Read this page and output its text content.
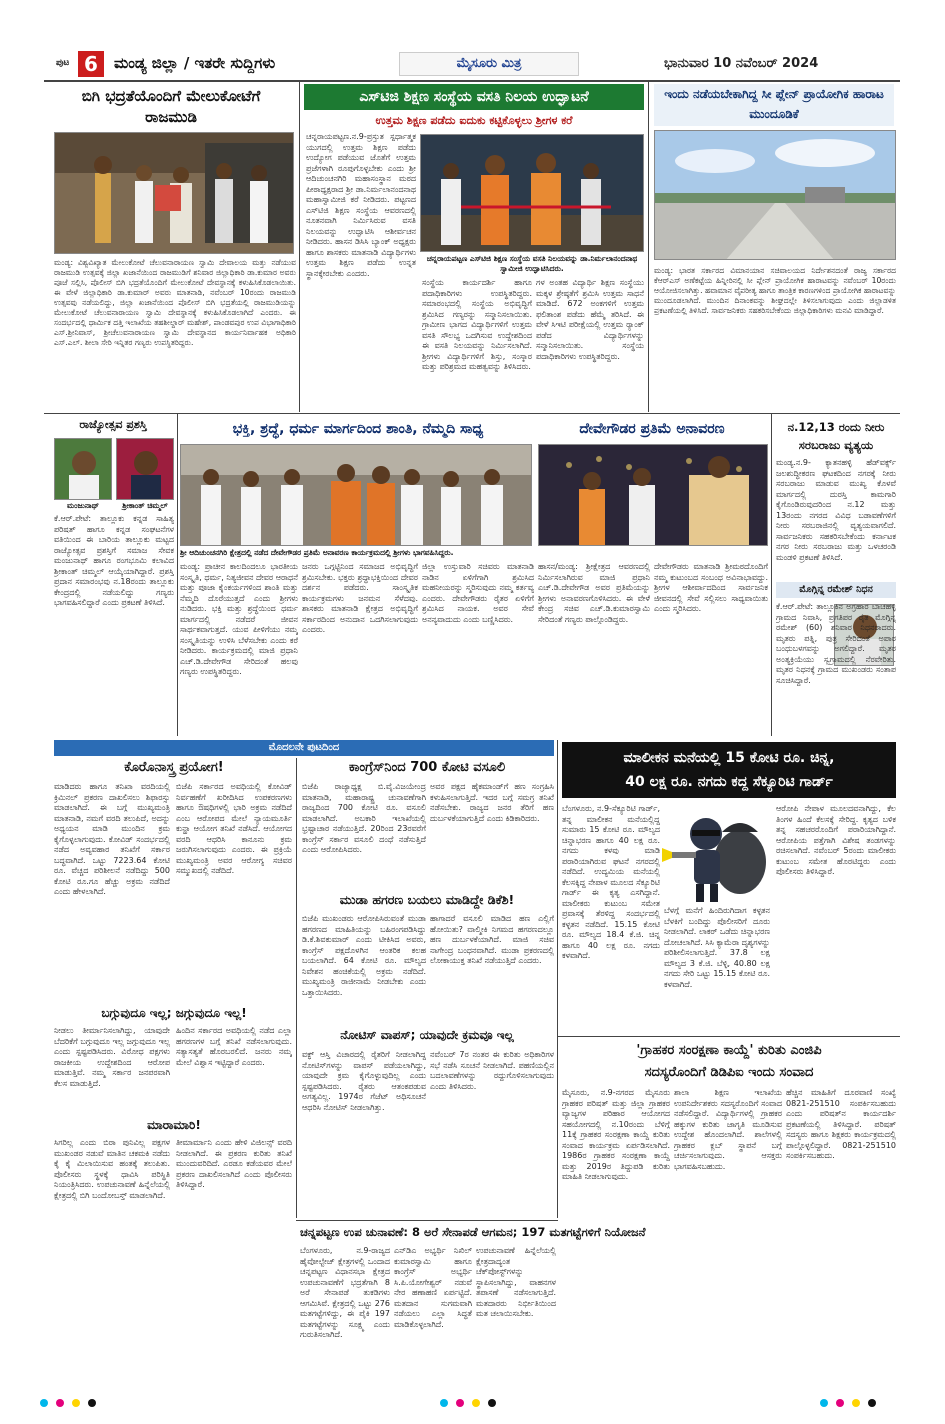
ಪುಟ 6	ಮಂಡ್ಯ ಜಿಲ್ಲಾ / ಇತರೇ ಸುದ್ದಿಗಳು	ಮೈಸೂರು ಮಿತ್ರ	ಭಾನುವಾರ 10 ನವೆಂಬರ್ 2024
ಬಿಗಿ ಭದ್ರತೆಯೊಂದಿಗೆ ಮೇಲುಕೋಟೆಗೆ ರಾಜಮುಡಿ
ಮಂಡ್ಯ: ವಿಶ್ವವಿಖ್ಯಾತ ಮೇಲುಕೋಟೆ ಚೆಲುವನಾರಾಯಣ ಸ್ವಾಮಿ ದೇವಾಲಯ ಮತ್ತು ನಡೆಯುವ ರಾಜಮುಡಿ ಉತ್ಸವಕ್ಕೆ ಜಿಲ್ಲಾ ಖಜಾನೆಯಿಂದ ರಾಜಮುಡಿಗೆ ಶನಿವಾರ ಜಿಲ್ಲಾಧಿಕಾರಿ ಡಾ.ಕುಮಾರ ಅವರು ಪೂಜೆ ಸಲ್ಲಿಸಿ, ಪೊಲೀಸ್ ಬಿಗಿ ಭದ್ರತೆಯೊಂದಿಗೆ ಮೇಲುಕೋಟೆ ದೇವಸ್ಥಾನಕ್ಕೆ ಕಳುಹಿಸಿಕೊಡಲಾಯಿತು. ಈ ವೇಳೆ ಜಿಲ್ಲಾಧಿಕಾರಿ ಡಾ.ಕುಮಾರ್ ಅವರು ಮಾತನಾಡಿ, ನವೆಂಬರ್ 10ರಂದು ರಾಜಮುಡಿ ಉತ್ಸವವು ನಡೆಯಲಿದ್ದು, ಜಿಲ್ಲಾ ಖಜಾನೆಯಿಂದ ಪೊಲೀಸ್ ಬಿಗಿ ಭದ್ರತೆಯಲ್ಲಿ ರಾಜಮುಡಿಯನ್ನು ಮೇಲುಕೋಟೆ ಚೆಲುವನಾರಾಯಣ ಸ್ವಾಮಿ ದೇವಸ್ಥಾನಕ್ಕೆ ಕಳುಹಿಸಿಕೊಡಲಾಗಿದೆ ಎಂದರು. ಈ ಸಂದರ್ಭದಲ್ಲಿ ಧಾರ್ಮಿಕ ದತ್ತಿ ಇಲಾಖೆಯ ತಹಶೀಲ್ದಾರ್ ಮಹೇಶ್, ಪಾಂಡವಪುರ ಉಪ ವಿಭಾಗಾಧಿಕಾರಿ ಎಸ್.ಶ್ರೀನಿವಾಸ್, ಶ್ರೀಚೆಲುವನಾರಾಯಣ ಸ್ವಾಮಿ ದೇವಸ್ಥಾನದ ಕಾರ್ಯನಿರ್ವಾಹಕ ಅಧಿಕಾರಿ ಎಸ್.ಎಲ್. ಶೀಲಾ ಸೇರಿ ಇನ್ನಿತರ ಗಣ್ಯರು ಉಪಸ್ಥಿತರಿದ್ದರು.
ಎಸ್‌ಟಿಜಿ ಶಿಕ್ಷಣ ಸಂಸ್ಥೆಯ ವಸತಿ ನಿಲಯ ಉದ್ಘಾಟನೆ
ಉತ್ತಮ ಶಿಕ್ಷಣ ಪಡೆದು ಐದುಕು ಕಟ್ಟಿಕೊಳ್ಳಲು ಶ್ರೀಗಳ ಕರೆ
ಚನ್ನರಾಯಪಟ್ಟಣ.ನ.9-ಪ್ರಸ್ತುತ ಸ್ಪರ್ಧಾತ್ಮಕ ಯುಗದಲ್ಲಿ ಉತ್ತಮ ಶಿಕ್ಷಣ ಪಡೆದು ಉದ್ಯೋಗ ಪಡೆಯುವ ಜೊತೆಗೆ ಉತ್ತಮ ಪ್ರಜೆಗಳಾಗಿ ರೂಪುಗೊಳ್ಳಬೇಕು ಎಂದು ಶ್ರೀ ಆದಿಚುಂಚನಗಿರಿ ಮಹಾಸಂಸ್ಥಾನ ಮಠದ ಪೀಠಾಧ್ಯಕ್ಷರಾದ ಶ್ರೀ ಡಾ.ನಿರ್ಮಲಾನಂದನಾಥ ಮಹಾಸ್ವಾಮೀಜಿ ಕರೆ ನೀಡಿದರು. ಪಟ್ಟಣದ ಎಸ್‌ಟಿಜಿ ಶಿಕ್ಷಣ ಸಂಸ್ಥೆಯ ಆವರಣದಲ್ಲಿ ನೂತನವಾಗಿ ನಿರ್ಮಿಸಿರುವ ವಸತಿ ನಿಲಯವನ್ನು ಉದ್ಘಾಟಿಸಿ ಆಶೀರ್ವಚನ ನೀಡಿದರು. ಹಾಸನ ಡಿಸಿಸಿ ಬ್ಯಾಂಕ್ ಅಧ್ಯಕ್ಷರು ಹಾಗೂ ಶಾಸಕರು ಮಾತನಾಡಿ ವಿದ್ಯಾರ್ಥಿಗಳು ಉತ್ತಮ ಶಿಕ್ಷಣ ಪಡೆದು ಉನ್ನತ ಸ್ಥಾನಕ್ಕೇರಬೇಕು ಎಂದರು.
ಚನ್ನರಾಯಪಟ್ಟಣ ಎಸ್‌ಟಿಜಿ ಶಿಕ್ಷಣ ಸಂಸ್ಥೆಯ ವಸತಿ ನಿಲಯವನ್ನು ಡಾ.ನಿರ್ಮಲಾನಂದನಾಥ ಸ್ವಾಮೀಜಿ ಉದ್ಘಾಟಿಸಿದರು.
ಸಂಸ್ಥೆಯ ಕಾರ್ಯದರ್ಶಿ ಹಾಗೂ ಪದಾಧಿಕಾರಿಗಳು ಉಪಸ್ಥಿತರಿದ್ದರು. ಸಮಾರಂಭದಲ್ಲಿ ಸಂಸ್ಥೆಯ ಅಭಿವೃದ್ಧಿಗೆ ಶ್ರಮಿಸಿದ ಗಣ್ಯರನ್ನು ಸನ್ಮಾನಿಸಲಾಯಿತು. ಗ್ರಾಮೀಣ ಭಾಗದ ವಿದ್ಯಾರ್ಥಿಗಳಿಗೆ ಉತ್ತಮ ವಸತಿ ಸೌಲಭ್ಯ ಒದಗಿಸುವ ಉದ್ದೇಶದಿಂದ ಈ ವಸತಿ ನಿಲಯವನ್ನು ನಿರ್ಮಿಸಲಾಗಿದೆ. ಶ್ರೀಗಳು ವಿದ್ಯಾರ್ಥಿಗಳಿಗೆ ಶಿಸ್ತು, ಸಂಸ್ಕಾರ ಮತ್ತು ಪರಿಶ್ರಮದ ಮಹತ್ವವನ್ನು ತಿಳಿಸಿದರು.
ಗಳ ಅಂತಹ ವಿದ್ಯಾರ್ಥಿ ಶಿಕ್ಷಣ ಸಂಸ್ಥೆಯು ಮಕ್ಕಳ ಶ್ರೇಷ್ಠತೆಗೆ ಶ್ರಮಿಸಿ ಉತ್ತಮ ಸಾಧನೆ ಮಾಡಿದೆ. 672 ಅಂಕಗಳಿಗೆ ಉತ್ತಮ ಫಲಿತಾಂಶ ಪಡೆದು ಹೆಮ್ಮೆ ತರಿಸಿದೆ. ಈ ವೇಳೆ ಸಿಇಟಿ ಪರೀಕ್ಷೆಯಲ್ಲಿ ಉತ್ತಮ ರ‍್ಯಾಂಕ್ ಪಡೆದ ವಿದ್ಯಾರ್ಥಿಗಳನ್ನು ಸನ್ಮಾನಿಸಲಾಯಿತು. ಸಂಸ್ಥೆಯ ಪದಾಧಿಕಾರಿಗಳು ಉಪಸ್ಥಿತರಿದ್ದರು.
ಇಂದು ನಡೆಯಬೇಕಾಗಿದ್ದ ಸೀ ಪ್ಲೇನ್ ಪ್ರಾಯೋಗಿಕ ಹಾರಾಟ ಮುಂದೂಡಿಕೆ
ಮಂಡ್ಯ: ಭಾರತ ಸರ್ಕಾರದ ವಿಮಾನಯಾನ ಸಚಿವಾಲಯದ ನಿರ್ದೇಶನದಂತೆ ರಾಜ್ಯ ಸರ್ಕಾರದ ಕೆಆರ್‌ಎಸ್ ಅಣೆಕಟ್ಟೆಯ ಹಿನ್ನೀರಿನಲ್ಲಿ ಸೀ ಪ್ಲೇನ್ ಪ್ರಾಯೋಗಿಕ ಹಾರಾಟವನ್ನು ನವೆಂಬರ್ 10ರಂದು ಆಯೋಜಿಸಲಾಗಿತ್ತು. ಹವಾಮಾನ ವೈಪರೀತ್ಯ ಹಾಗೂ ತಾಂತ್ರಿಕ ಕಾರಣಗಳಿಂದ ಪ್ರಾಯೋಗಿಕ ಹಾರಾಟವನ್ನು ಮುಂದೂಡಲಾಗಿದೆ. ಮುಂದಿನ ದಿನಾಂಕವನ್ನು ಶೀಘ್ರದಲ್ಲೇ ತಿಳಿಸಲಾಗುವುದು ಎಂದು ಜಿಲ್ಲಾಡಳಿತ ಪ್ರಕಟಣೆಯಲ್ಲಿ ತಿಳಿಸಿದೆ. ಸಾರ್ವಜನಿಕರು ಸಹಕರಿಸಬೇಕೆಂದು ಜಿಲ್ಲಾಧಿಕಾರಿಗಳು ಮನವಿ ಮಾಡಿದ್ದಾರೆ.
ರಾಜ್ಯೋತ್ಸವ ಪ್ರಶಸ್ತಿ
ಮಂಜುನಾಥ್	ಶ್ರೀಕಾಂತ್ ಚಿಮ್ಮಲ್
ಕೆ.ಆರ್.ಪೇಟೆ: ತಾಲ್ಲೂಕು ಕನ್ನಡ ಸಾಹಿತ್ಯ ಪರಿಷತ್ ಹಾಗೂ ಕನ್ನಡ ಸಂಘಟನೆಗಳ ವತಿಯಿಂದ ಈ ಬಾರಿಯ ತಾಲ್ಲೂಕು ಮಟ್ಟದ ರಾಜ್ಯೋತ್ಸವ ಪ್ರಶಸ್ತಿಗೆ ಸಮಾಜ ಸೇವಕ ಮಂಜುನಾಥ್ ಹಾಗೂ ರಂಗಭೂಮಿ ಕಲಾವಿದ ಶ್ರೀಕಾಂತ್ ಚಿಮ್ಮಲ್ ಆಯ್ಕೆಯಾಗಿದ್ದಾರೆ. ಪ್ರಶಸ್ತಿ ಪ್ರದಾನ ಸಮಾರಂಭವು ನ.18ರಂದು ತಾಲ್ಲೂಕು ಕೇಂದ್ರದಲ್ಲಿ ನಡೆಯಲಿದ್ದು ಗಣ್ಯರು ಭಾಗವಹಿಸಲಿದ್ದಾರೆ ಎಂದು ಪ್ರಕಟಣೆ ತಿಳಿಸಿದೆ.
ಭಕ್ತಿ, ಶ್ರದ್ಧೆ, ಧರ್ಮ ಮಾರ್ಗದಿಂದ ಶಾಂತಿ, ನೆಮ್ಮದಿ ಸಾಧ್ಯ	ದೇವೇಗೌಡರ ಪ್ರತಿಮೆ ಅನಾವರಣ
ಶ್ರೀ ಆದಿಚುಂಚನಗಿರಿ ಕ್ಷೇತ್ರದಲ್ಲಿ ನಡೆದ ದೇವೇಗೌಡರ ಪ್ರತಿಮೆ ಅನಾವರಣ ಕಾರ್ಯಕ್ರಮದಲ್ಲಿ ಶ್ರೀಗಳು ಭಾಗವಹಿಸಿದ್ದರು.
ಮಂಡ್ಯ: ಪ್ರಾಚೀನ ಕಾಲದಿಂದಲೂ ಭಾರತೀಯ ಸಂಸ್ಕೃತಿ, ಧರ್ಮ, ನಿತ್ಯಜೀವನ ದೇವರ ಆರಾಧನೆ ಮತ್ತು ಪೂಜಾ ಕೈಂಕರ್ಯಗಳಿಂದ ಶಾಂತಿ ಮತ್ತು ನೆಮ್ಮದಿ ದೊರೆಯುತ್ತದೆ ಎಂದು ಶ್ರೀಗಳು ನುಡಿದರು. ಭಕ್ತಿ ಮತ್ತು ಶ್ರದ್ಧೆಯಿಂದ ಧರ್ಮ ಮಾರ್ಗದಲ್ಲಿ ನಡೆದರೆ ಜೀವನ ಸಾರ್ಥಕವಾಗುತ್ತದೆ. ಯುವ ಪೀಳಿಗೆಯು ನಮ್ಮ ಸಂಸ್ಕೃತಿಯನ್ನು ಉಳಿಸಿ ಬೆಳೆಸಬೇಕು ಎಂದು ಕರೆ ನೀಡಿದರು. ಕಾರ್ಯಕ್ರಮದಲ್ಲಿ ಮಾಜಿ ಪ್ರಧಾನಿ ಎಚ್.ಡಿ.ದೇವೇಗೌಡ ಸೇರಿದಂತೆ ಹಲವು ಗಣ್ಯರು ಉಪಸ್ಥಿತರಿದ್ದರು.
ಜನರು ಒಗ್ಗಟ್ಟಿನಿಂದ ಸಮಾಜದ ಅಭಿವೃದ್ಧಿಗೆ ಶ್ರಮಿಸಬೇಕು. ಭಕ್ತರು ಶ್ರದ್ಧಾಭಕ್ತಿಯಿಂದ ದೇವರ ದರ್ಶನ ಪಡೆದರು. ಸಾಂಸ್ಕೃತಿಕ ಕಾರ್ಯಕ್ರಮಗಳು ಜನಮನ ಸೆಳೆದವು. ಶಾಸಕರು ಮಾತನಾಡಿ ಕ್ಷೇತ್ರದ ಅಭಿವೃದ್ಧಿಗೆ ಸರ್ಕಾರದಿಂದ ಅನುದಾನ ಒದಗಿಸಲಾಗುವುದು ಎಂದರು.
ಜಿಲ್ಲಾ ಉಸ್ತುವಾರಿ ಸಚಿವರು ಮಾತನಾಡಿ ನಾಡಿನ ಏಳಿಗೆಗಾಗಿ ಶ್ರಮಿಸಿದ ಮಹನೀಯರನ್ನು ಸ್ಮರಿಸುವುದು ನಮ್ಮ ಕರ್ತವ್ಯ ಎಂದರು. ದೇವೇಗೌಡರು ರೈತರ ಏಳಿಗೆಗೆ ಶ್ರಮಿಸಿದ ನಾಯಕ. ಅವರ ಸೇವೆ ಅನನ್ಯವಾದುದು ಎಂದು ಬಣ್ಣಿಸಿದರು.
ಹಾಸನ/ಮಂಡ್ಯ: ಶ್ರೀಕ್ಷೇತ್ರದ ಆವರಣದಲ್ಲಿ ನಿರ್ಮಿಸಲಾಗಿರುವ ಮಾಜಿ ಪ್ರಧಾನಿ ಎಚ್.ಡಿ.ದೇವೇಗೌಡ ಅವರ ಪ್ರತಿಮೆಯನ್ನು ಶ್ರೀಗಳು ಅನಾವರಣಗೊಳಿಸಿದರು. ಈ ವೇಳೆ ಕೇಂದ್ರ ಸಚಿವ ಎಚ್.ಡಿ.ಕುಮಾರಸ್ವಾಮಿ ಸೇರಿದಂತೆ ಗಣ್ಯರು ಪಾಲ್ಗೊಂಡಿದ್ದರು.
ದೇವೇಗೌಡರು ಮಾತನಾಡಿ ಶ್ರೀಮಠದೊಂದಿಗೆ ನಮ್ಮ ಕುಟುಂಬದ ಸಂಬಂಧ ಅವಿನಾಭಾವದ್ದು. ಶ್ರೀಗಳ ಆಶೀರ್ವಾದದಿಂದ ಸಾರ್ವಜನಿಕ ಜೀವನದಲ್ಲಿ ಸೇವೆ ಸಲ್ಲಿಸಲು ಸಾಧ್ಯವಾಯಿತು ಎಂದು ಸ್ಮರಿಸಿದರು.
ನ.12,13 ರಂದು ನೀರು ಸರಬರಾಜು ವ್ಯತ್ಯಯ
ಮಂಡ್ಯ.ನ.9- ಕ್ಯಾತನಹಳ್ಳಿ ಹೆಡ್‌ವರ್ಕ್ಸ್ ಜಲಶುದ್ಧೀಕರಣ ಘಟಕದಿಂದ ನಗರಕ್ಕೆ ನೀರು ಸರಬರಾಜು ಮಾಡುವ ಮುಖ್ಯ ಕೊಳವೆ ಮಾರ್ಗದಲ್ಲಿ ದುರಸ್ತಿ ಕಾಮಗಾರಿ ಕೈಗೊಂಡಿರುವುದರಿಂದ ನ.12 ಮತ್ತು 13ರಂದು ನಗರದ ವಿವಿಧ ಬಡಾವಣೆಗಳಿಗೆ ನೀರು ಸರಬರಾಜಿನಲ್ಲಿ ವ್ಯತ್ಯಯವಾಗಲಿದೆ. ಸಾರ್ವಜನಿಕರು ಸಹಕರಿಸಬೇಕೆಂದು ಕರ್ನಾಟಕ ನಗರ ನೀರು ಸರಬರಾಜು ಮತ್ತು ಒಳಚರಂಡಿ ಮಂಡಳಿ ಪ್ರಕಟಣೆ ತಿಳಿಸಿದೆ.
ಮೊಗ್ಗಿನ್ನ ರಮೇಶ್ ನಿಧನ
ಕೆ.ಆರ್.ಪೇಟೆ: ತಾಲ್ಲೂಕಿನ ಅಗ್ರಹಾರ ಬಾಚಹಳ್ಳಿ ಗ್ರಾಮದ ನಿವಾಸಿ, ಪ್ರಗತಿಪರ ರೈತ ಮೊಗ್ಗಿನ್ನ ರಮೇಶ್ (60) ಶನಿವಾರ ನಿಧನರಾದರು. ಮೃತರು ಪತ್ನಿ, ಪುತ್ರ ಸೇರಿದಂತೆ ಅಪಾರ ಬಂಧುಬಳಗವನ್ನು ಅಗಲಿದ್ದಾರೆ. ಮೃತರ ಅಂತ್ಯಕ್ರಿಯೆಯು ಸ್ವಗ್ರಾಮದಲ್ಲಿ ನೆರವೇರಿತು. ಮೃತರ ನಿಧನಕ್ಕೆ ಗ್ರಾಮದ ಮುಖಂಡರು ಸಂತಾಪ ಸೂಚಿಸಿದ್ದಾರೆ.
ಮೊದಲನೇ ಪುಟದಿಂದ
ಕೊರೊನಾಸ್ತ್ರ ಪ್ರಯೋಗ!
ಮಾಡಿದರು ಹಾಗೂ ತನಿಖಾ ವರದಿಯಲ್ಲಿ ಕ್ರಿಮಿನಲ್ ಪ್ರಕರಣ ದಾಖಲಿಸಲು ಶಿಫಾರಸ್ಸು ಮಾಡಲಾಗಿದೆ. ಈ ಬಗ್ಗೆ ಮುಖ್ಯಮಂತ್ರಿ ಮಾತನಾಡಿ, ನಮಗೆ ವರದಿ ತಲುಪಿದೆ, ಅದನ್ನು ಅಧ್ಯಯನ ಮಾಡಿ ಮುಂದಿನ ಕ್ರಮ ಕೈಗೊಳ್ಳಲಾಗುವುದು. ಕೋವಿಡ್ ಸಂದರ್ಭದಲ್ಲಿ ನಡೆದ ಅವ್ಯವಹಾರ ತನಿಖೆಗೆ ಸರ್ಕಾರ ಬದ್ಧವಾಗಿದೆ. ಒಟ್ಟು 7223.64 ಕೋಟಿ ರೂ. ವೆಚ್ಚದ ಪರಿಶೀಲನೆ ನಡೆದಿದ್ದು 500 ಕೋಟಿ ರೂ.ಗೂ ಹೆಚ್ಚು ಅಕ್ರಮ ನಡೆದಿದೆ ಎಂದು ಹೇಳಲಾಗಿದೆ.
ಬಿಜೆಪಿ ಸರ್ಕಾರದ ಅವಧಿಯಲ್ಲಿ ಕೋವಿಡ್ ನಿರ್ವಹಣೆಗೆ ಖರೀದಿಸಿದ ಉಪಕರಣಗಳು ಹಾಗೂ ಔಷಧಿಗಳಲ್ಲಿ ಭಾರಿ ಅಕ್ರಮ ನಡೆದಿದೆ ಎಂಬ ಆರೋಪದ ಮೇಲೆ ನ್ಯಾಯಮೂರ್ತಿ ಕುನ್ಹಾ ಆಯೋಗ ತನಿಖೆ ನಡೆಸಿದೆ. ಆಯೋಗದ ವರದಿ ಆಧರಿಸಿ ಕಾನೂನು ಕ್ರಮ ಜರುಗಿಸಲಾಗುವುದು ಎಂದರು. ಈ ಪ್ರಕ್ರಿಯೆ ಮುಖ್ಯಮಂತ್ರಿ ಅವರ ಆರೋಗ್ಯ ಸಚಿವರ ಸಮ್ಮುಖದಲ್ಲಿ ನಡೆದಿದೆ.
ಬಗ್ಗುವುದೂ ಇಲ್ಲ; ಜಗ್ಗುವುದೂ ಇಲ್ಲ!
ನೀಡಲು ತೀರ್ಮಾನಿಸಲಾಗಿದ್ದು, ಯಾವುದೇ ಬೆದರಿಕೆಗೆ ಬಗ್ಗುವುದೂ ಇಲ್ಲ ಜಗ್ಗುವುದೂ ಇಲ್ಲ ಎಂದು ಸ್ಪಷ್ಟಪಡಿಸಿದರು. ವಿರೋಧ ಪಕ್ಷಗಳು ರಾಜಕೀಯ ಉದ್ದೇಶದಿಂದ ಆರೋಪ ಮಾಡುತ್ತಿವೆ. ನಮ್ಮ ಸರ್ಕಾರ ಜನಪರವಾಗಿ ಕೆಲಸ ಮಾಡುತ್ತಿದೆ.
ಹಿಂದಿನ ಸರ್ಕಾರದ ಅವಧಿಯಲ್ಲಿ ನಡೆದ ಎಲ್ಲಾ ಹಗರಣಗಳ ಬಗ್ಗೆ ತನಿಖೆ ನಡೆಸಲಾಗುವುದು. ಸತ್ಯಾಸತ್ಯತೆ ಹೊರಬರಲಿದೆ. ಜನರು ನಮ್ಮ ಮೇಲೆ ವಿಶ್ವಾಸ ಇಟ್ಟಿದ್ದಾರೆ ಎಂದರು.
ಮಾರಾಮಾರಿ!
ಸಿಗರಿಲ್ಲ ಎಂದು ಬಿರಾ ಪುನಿವಿಲ್ಲ ಪಕ್ಷಗಳ ಮುಖಂಡರ ನಡುವೆ ಮಾತಿನ ಚಕಮಕಿ ನಡೆದು ಕೈ ಕೈ ಮಿಲಾಯಿಸುವ ಹಂತಕ್ಕೆ ತಲುಪಿತು. ಪೊಲೀಸರು ಸ್ಥಳಕ್ಕೆ ಧಾವಿಸಿ ಪರಿಸ್ಥಿತಿ ನಿಯಂತ್ರಿಸಿದರು. ಉಪಚುನಾವಣೆ ಹಿನ್ನೆಲೆಯಲ್ಲಿ ಕ್ಷೇತ್ರದಲ್ಲಿ ಬಿಗಿ ಬಂದೋಬಸ್ತ್ ಮಾಡಲಾಗಿದೆ.
ತೀಮಾರ್ಮಾನಿ ಎಂದು ಹೇಳಿ ವಿಜಿಲನ್ಸ್ ವರದಿ ನೀಡಲಾಗಿದೆ. ಈ ಪ್ರಕರಣ ಕುರಿತು ತನಿಖೆ ಮುಂದುವರಿದಿದೆ. ಎರಡೂ ಕಡೆಯವರ ಮೇಲೆ ಪ್ರಕರಣ ದಾಖಲಿಸಲಾಗಿದೆ ಎಂದು ಪೊಲೀಸರು ತಿಳಿಸಿದ್ದಾರೆ.
ಕಾಂಗ್ರೆಸ್‌ನಿಂದ 700 ಕೋಟಿ ವಸೂಲಿ
ಬಿಜೆಪಿ ರಾಜ್ಯಾಧ್ಯಕ್ಷ ಬಿ.ವೈ.ವಿಜಯೇಂದ್ರ ಮಾತನಾಡಿ, ಮಹಾರಾಷ್ಟ್ರ ಚುನಾವಣೆಗಾಗಿ ರಾಜ್ಯದಿಂದ 700 ಕೋಟಿ ರೂ. ವಸೂಲಿ ಮಾಡಲಾಗಿದೆ. ಅಬಕಾರಿ ಇಲಾಖೆಯಲ್ಲಿ ಭ್ರಷ್ಟಾಚಾರ ನಡೆಯುತ್ತಿದೆ. 20ರಿಂದ 23ರವರೆಗೆ ಕಾಂಗ್ರೆಸ್ ಸರ್ಕಾರ ವಸೂಲಿ ದಂಧೆ ನಡೆಸುತ್ತಿದೆ ಎಂದು ಆರೋಪಿಸಿದರು.
ಅವರ ಪಕ್ಷದ ಹೈಕಮಾಂಡ್‌ಗೆ ಹಣ ಸಂಗ್ರಹಿಸಿ ಕಳುಹಿಸಲಾಗುತ್ತಿದೆ. ಇದರ ಬಗ್ಗೆ ಸಮಗ್ರ ತನಿಖೆ ನಡೆಸಬೇಕು. ರಾಜ್ಯದ ಜನರ ತೆರಿಗೆ ಹಣ ದುರ್ಬಳಕೆಯಾಗುತ್ತಿದೆ ಎಂದು ಕಿಡಿಕಾರಿದರು.
ಮುಡಾ ಹಗರಣ ಬಯಲು ಮಾಡಿದ್ದೇ ಡಿಕೆಶಿ!
ಬಿಜೆಪಿ ಮುಖಂಡರು ಆರೋಪಿಸಿರುವಂತೆ ಮುಡಾ ಹಗರಣದ ಮಾಹಿತಿಯನ್ನು ಬಹಿರಂಗಪಡಿಸಿದ್ದು ಡಿ.ಕೆ.ಶಿವಕುಮಾರ್ ಎಂದು ಟೀಕಿಸಿದ ಅವರು, ಕಾಂಗ್ರೆಸ್ ಪಕ್ಷದೊಳಗಿನ ಆಂತರಿಕ ಕಲಹ ಬಯಲಾಗಿದೆ. 64 ಕೋಟಿ ರೂ. ಮೌಲ್ಯದ ನಿವೇಶನ ಹಂಚಿಕೆಯಲ್ಲಿ ಅಕ್ರಮ ನಡೆದಿದೆ. ಮುಖ್ಯಮಂತ್ರಿ ರಾಜೀನಾಮೆ ನೀಡಬೇಕು ಎಂದು ಒತ್ತಾಯಿಸಿದರು.
ಹಾಗಾದರೆ ವಸೂಲಿ ಮಾಡಿದ ಹಣ ಎಲ್ಲಿಗೆ ಹೋಯಿತು? ವಾಲ್ಮೀಕಿ ನಿಗಮದ ಹಗರಣದಲ್ಲೂ ಹಣ ದುರ್ಬಳಕೆಯಾಗಿದೆ. ಮಾಜಿ ಸಚಿವ ನಾಗೇಂದ್ರ ಬಂಧನವಾಗಿದೆ. ಮುಡಾ ಪ್ರಕರಣದಲ್ಲಿ ಲೋಕಾಯುಕ್ತ ತನಿಖೆ ನಡೆಯುತ್ತಿದೆ ಎಂದರು.
ನೋಟಿಸ್ ವಾಪಸ್; ಯಾವುದೇ ಕ್ರಮವೂ ಇಲ್ಲ
ವಕ್ಫ್ ಆಸ್ತಿ ವಿಚಾರದಲ್ಲಿ ರೈತರಿಗೆ ನೀಡಲಾಗಿದ್ದ ನೋಟಿಸ್‌ಗಳನ್ನು ವಾಪಸ್ ಪಡೆಯಲಾಗಿದ್ದು, ಯಾವುದೇ ಕ್ರಮ ಕೈಗೊಳ್ಳುವುದಿಲ್ಲ ಎಂದು ಸ್ಪಷ್ಟಪಡಿಸಿದರು. ರೈತರು ಆತಂಕಪಡುವ ಅಗತ್ಯವಿಲ್ಲ. 1974ರ ಗೆಜೆಟ್ ಅಧಿಸೂಚನೆ ಆಧರಿಸಿ ನೋಟಿಸ್ ನೀಡಲಾಗಿತ್ತು.
ನವೆಂಬರ್ 7ರ ನಂತರ ಈ ಕುರಿತು ಅಧಿಕಾರಿಗಳ ಸಭೆ ನಡೆಸಿ ಸೂಚನೆ ನೀಡಲಾಗಿದೆ. ಪಹಣಿಯಲ್ಲಿನ ಬದಲಾವಣೆಗಳನ್ನು ರದ್ದುಗೊಳಿಸಲಾಗುವುದು ಎಂದು ತಿಳಿಸಿದರು.
ಮಾಲೀಕನ ಮನೆಯಲ್ಲಿ 15 ಕೋಟಿ ರೂ. ಚಿನ್ನ,
40 ಲಕ್ಷ ರೂ. ನಗದು ಕದ್ದ ಸೆಕ್ಯೂರಿಟಿ ಗಾರ್ಡ್
ಬೆಂಗಳೂರು, ನ.9-ಸೆಕ್ಯೂರಿಟಿ ಗಾರ್ಡ್, ತನ್ನ ಮಾಲೀಕನ ಮನೆಯಲ್ಲಿದ್ದ ಸುಮಾರು 15 ಕೋಟಿ ರೂ. ಮೌಲ್ಯದ ಚಿನ್ನಾಭರಣ ಹಾಗೂ 40 ಲಕ್ಷ ರೂ. ನಗದು ಕಳವು ಮಾಡಿ ಪರಾರಿಯಾಗಿರುವ ಘಟನೆ ನಗರದಲ್ಲಿ ನಡೆದಿದೆ. ಉದ್ಯಮಿಯ ಮನೆಯಲ್ಲಿ ಕೆಲಸಕ್ಕಿದ್ದ ನೇಪಾಳ ಮೂಲದ ಸೆಕ್ಯೂರಿಟಿ ಗಾರ್ಡ್ ಈ ಕೃತ್ಯ ಎಸಗಿದ್ದಾನೆ. ಮಾಲೀಕರು ಕುಟುಂಬ ಸಮೇತ ಪ್ರವಾಸಕ್ಕೆ ತೆರಳಿದ್ದ ಸಂದರ್ಭದಲ್ಲಿ ಕಳ್ಳತನ ನಡೆದಿದೆ. 15.15 ಕೋಟಿ ರೂ. ಮೌಲ್ಯದ 18.4 ಕೆ.ಜಿ. ಚಿನ್ನ ಹಾಗೂ 40 ಲಕ್ಷ ರೂ. ನಗದು ಕಳವಾಗಿದೆ.
ಬೆಳಗ್ಗೆ ಮನೆಗೆ ಹಿಂದಿರುಗಿದಾಗ ಕಳ್ಳತನ ಬೆಳಕಿಗೆ ಬಂದಿದ್ದು ಪೊಲೀಸರಿಗೆ ದೂರು ನೀಡಲಾಗಿದೆ. ಲಾಕರ್ ಒಡೆದು ಚಿನ್ನಾಭರಣ ದೋಚಲಾಗಿದೆ. ಸಿಸಿ ಕ್ಯಾಮೆರಾ ದೃಶ್ಯಗಳನ್ನು ಪರಿಶೀಲಿಸಲಾಗುತ್ತಿದೆ. 37.8 ಲಕ್ಷ ಮೌಲ್ಯದ 3 ಕೆ.ಜಿ. ಬೆಳ್ಳಿ, 40.80 ಲಕ್ಷ ನಗದು ಸೇರಿ ಒಟ್ಟು 15.15 ಕೋಟಿ ರೂ. ಕಳವಾಗಿದೆ.
ಆರೋಪಿ ನೇಪಾಳ ಮೂಲದವನಾಗಿದ್ದು, ಕೆಲ ತಿಂಗಳ ಹಿಂದೆ ಕೆಲಸಕ್ಕೆ ಸೇರಿದ್ದ. ಕೃತ್ಯದ ಬಳಿಕ ತನ್ನ ಸಹಚರರೊಂದಿಗೆ ಪರಾರಿಯಾಗಿದ್ದಾನೆ. ಆರೋಪಿಯ ಪತ್ತೆಗಾಗಿ ವಿಶೇಷ ತಂಡಗಳನ್ನು ರಚಿಸಲಾಗಿದೆ. ನವೆಂಬರ್ 5ರಂದು ಮಾಲೀಕರು ಕುಟುಂಬ ಸಮೇತ ಹೊರಟಿದ್ದರು ಎಂದು ಪೊಲೀಸರು ತಿಳಿಸಿದ್ದಾರೆ.
'ಗ್ರಾಹಕರ ಸಂರಕ್ಷಣಾ ಕಾಯ್ದೆ' ಕುರಿತು ಎಂಜಿಪಿ
ಸದಸ್ಯರೊಂದಿಗೆ ಡಿಡಿಪಿಐ ಇಂದು ಸಂವಾದ
ಮೈಸೂರು, ನ.9-ನಗರದ ಮೈಸೂರು ಗ್ರಾಹಕರ ಪರಿಷತ್ ಮತ್ತು ಜಿಲ್ಲಾ ಗ್ರಾಹಕರ ವ್ಯಾಜ್ಯಗಳ ಪರಿಹಾರ ಆಯೋಗದ ಸಹಯೋಗದಲ್ಲಿ ನ.10ರಂದು ಬೆಳಿಗ್ಗೆ 11ಕ್ಕೆ ಗ್ರಾಹಕರ ಸಂರಕ್ಷಣಾ ಕಾಯ್ದೆ ಕುರಿತು ಸಂವಾದ ಕಾರ್ಯಕ್ರಮ ಏರ್ಪಡಿಸಲಾಗಿದೆ. 1986ರ ಗ್ರಾಹಕರ ಸಂರಕ್ಷಣಾ ಕಾಯ್ದೆ ಮತ್ತು 2019ರ ತಿದ್ದುಪಡಿ ಕುರಿತು ಮಾಹಿತಿ ನೀಡಲಾಗುವುದು.
ಶಾಲಾ ಶಿಕ್ಷಣ ಇಲಾಖೆಯ ಉಪನಿರ್ದೇಶಕರು ಸದಸ್ಯರೊಂದಿಗೆ ಸಂವಾದ ನಡೆಸಲಿದ್ದಾರೆ. ವಿದ್ಯಾರ್ಥಿಗಳಲ್ಲಿ ಗ್ರಾಹಕರ ಹಕ್ಕುಗಳ ಕುರಿತು ಜಾಗೃತಿ ಮೂಡಿಸುವ ಉದ್ದೇಶ ಹೊಂದಲಾಗಿದೆ. ಶಾಲೆಗಳಲ್ಲಿ ಗ್ರಾಹಕರ ಕ್ಲಬ್ ಸ್ಥಾಪನೆ ಬಗ್ಗೆ ಚರ್ಚಿಸಲಾಗುವುದು. ಆಸಕ್ತರು ಭಾಗವಹಿಸಬಹುದು.
ಹೆಚ್ಚಿನ ಮಾಹಿತಿಗೆ ದೂರವಾಣಿ ಸಂಖ್ಯೆ 0821-251510 ಸಂಪರ್ಕಿಸಬಹುದು ಎಂದು ಪರಿಷತ್‌ನ ಕಾರ್ಯದರ್ಶಿ ಪ್ರಕಟಣೆಯಲ್ಲಿ ತಿಳಿಸಿದ್ದಾರೆ. ಪರಿಷತ್ ಸದಸ್ಯರು ಹಾಗೂ ಶಿಕ್ಷಕರು ಕಾರ್ಯಕ್ರಮದಲ್ಲಿ ಪಾಲ್ಗೊಳ್ಳಲಿದ್ದಾರೆ. 0821-251510 ಸಂಪರ್ಕಿಸಬಹುದು.
ಚನ್ನಪಟ್ಟಣ ಉಪ ಚುನಾವಣೆ: 8 ಅರೆ ಸೇನಾಪಡೆ ಆಗಮನ; 197 ಮತಗಟ್ಟೆಗಳಿಗೆ ನಿಯೋಜನೆ
ಬೆಂಗಳೂರು, ನ.9-ರಾಜ್ಯದ ಹೈವೋಲ್ಟೇಜ್ ಕ್ಷೇತ್ರಗಳಲ್ಲಿ ಒಂದಾದ ಚನ್ನಪಟ್ಟಣ ವಿಧಾನಸಭಾ ಕ್ಷೇತ್ರದ ಉಪಚುನಾವಣೆಗೆ ಭದ್ರತೆಗಾಗಿ 8 ಅರೆ ಸೇನಾಪಡೆ ತುಕಡಿಗಳು ಆಗಮಿಸಿವೆ. ಕ್ಷೇತ್ರದಲ್ಲಿ ಒಟ್ಟು 276 ಮತಗಟ್ಟೆಗಳಿದ್ದು, ಈ ಪೈಕಿ 197 ಮತಗಟ್ಟೆಗಳನ್ನು ಸೂಕ್ಷ್ಮ ಎಂದು ಗುರುತಿಸಲಾಗಿದೆ.
ಎನ್‌ಡಿಎ ಅಭ್ಯರ್ಥಿ ನಿಖಿಲ್ ಕುಮಾರಸ್ವಾಮಿ ಹಾಗೂ ಕಾಂಗ್ರೆಸ್ ಅಭ್ಯರ್ಥಿ ಸಿ.ಪಿ.ಯೋಗೇಶ್ವರ್ ನಡುವೆ ನೇರ ಹಣಾಹಣಿ ಏರ್ಪಟ್ಟಿದೆ. ಮತದಾನ ಸುಗಮವಾಗಿ ನಡೆಯಲು ಎಲ್ಲಾ ಸಿದ್ಧತೆ ಮಾಡಿಕೊಳ್ಳಲಾಗಿದೆ.
ಉಪಚುನಾವಣೆ ಹಿನ್ನೆಲೆಯಲ್ಲಿ ಕ್ಷೇತ್ರದಾದ್ಯಂತ ಚೆಕ್‌ಪೋಸ್ಟ್‌ಗಳನ್ನು ಸ್ಥಾಪಿಸಲಾಗಿದ್ದು, ವಾಹನಗಳ ತಪಾಸಣೆ ನಡೆಸಲಾಗುತ್ತಿದೆ. ಮತದಾರರು ನಿರ್ಭೀತಿಯಿಂದ ಮತ ಚಲಾಯಿಸಬೇಕು.
